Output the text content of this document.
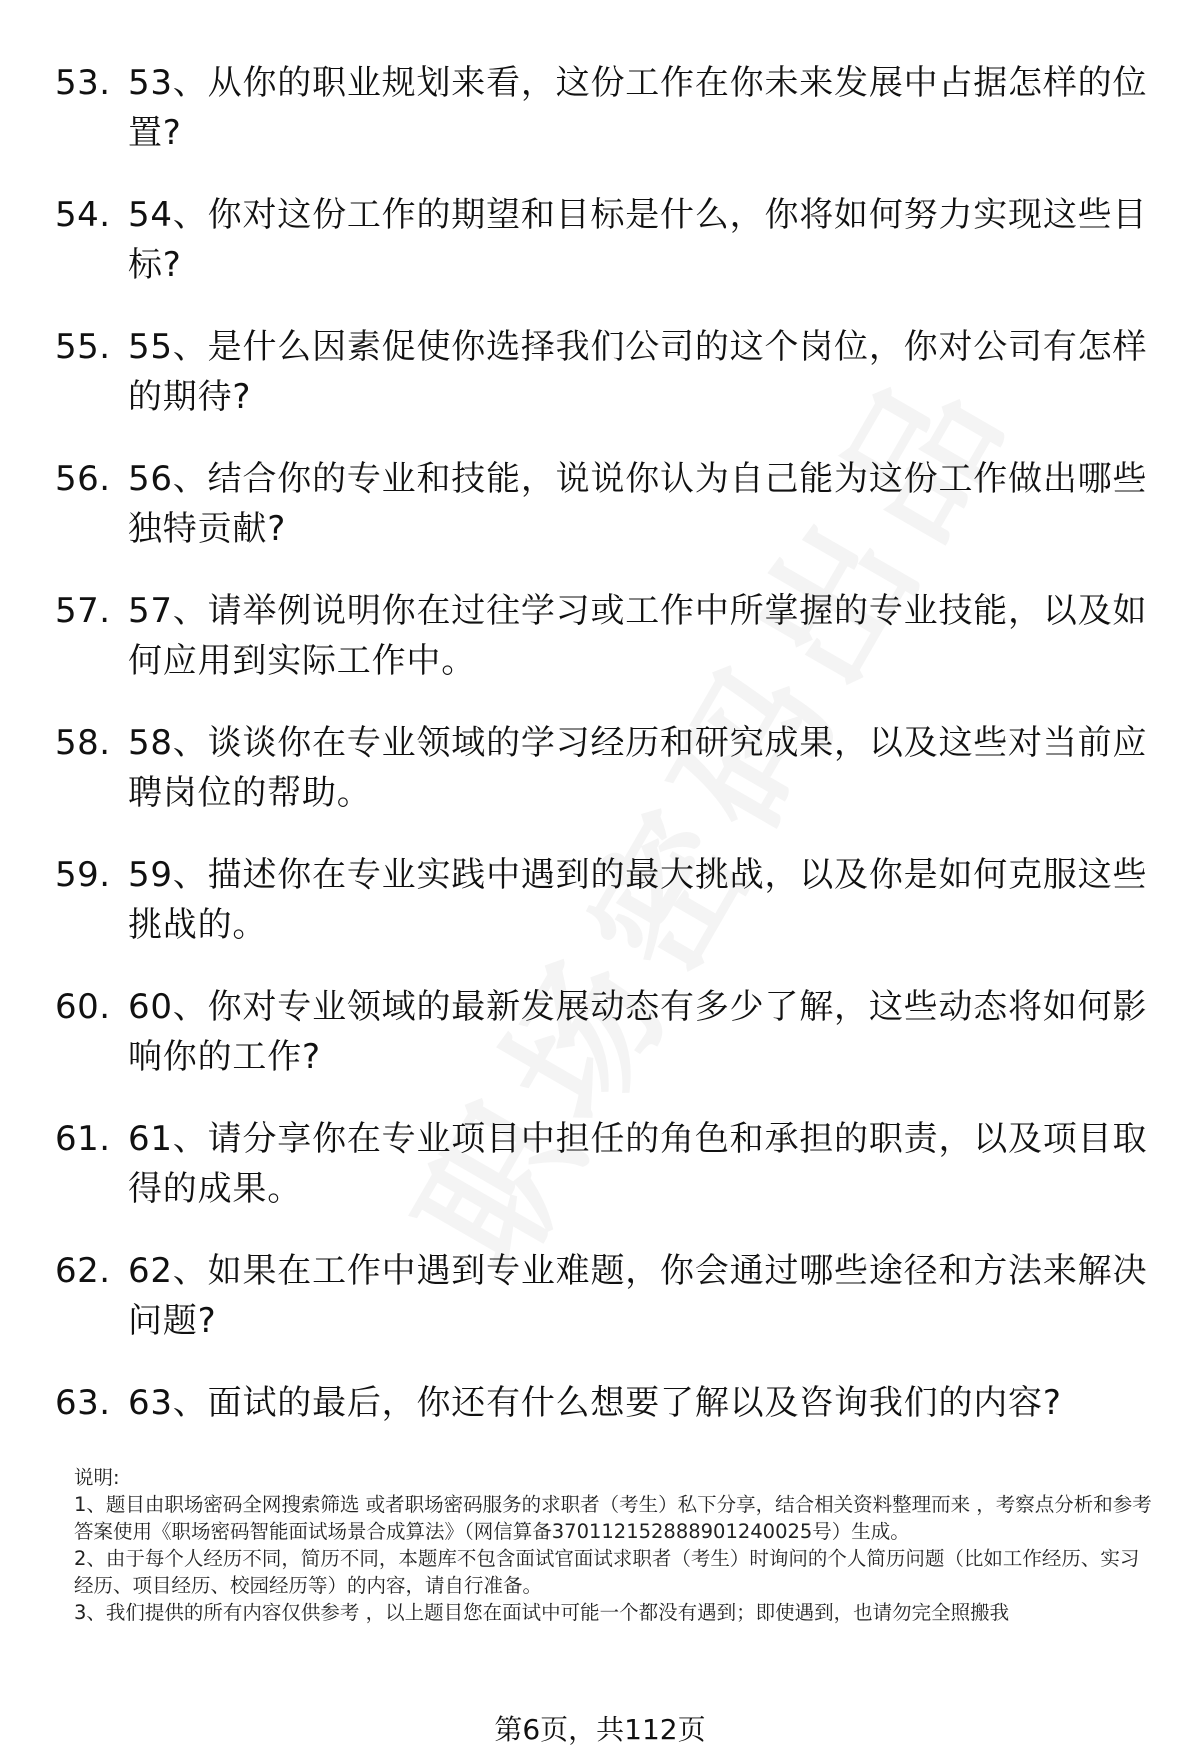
53. 53、从你的职业规划来看，这份工作在你未来发展中占据怎样的位置?
54. 54、你对这份工作的期望和目标是什么，你将如何努力实现这些目标?
55. 55、是什么因素促使你选择我们公司的这个岗位，你对公司有怎样的期待?
56. 56、结合你的专业和技能，说说你认为自己能为这份工作做出哪些独特贡献?
57. 57、请举例说明你在过往学习或工作中所掌握的专业技能，以及如何应用到实际工作中。
58. 58、谈谈你在专业领域的学习经历和研究成果，以及这些对当前应聘岗位的帮助。
59. 59、描述你在专业实践中遇到的最大挑战，以及你是如何克服这些挑战的。
60. 60、你对专业领域的最新发展动态有多少了解，这些动态将如何影响你的工作?
61. 61、请分享你在专业项目中担任的角色和承担的职责，以及项目取得的成果。
62. 62、如果在工作中遇到专业难题，你会通过哪些途径和方法来解决问题?
63. 63、面试的最后，你还有什么想要了解以及咨询我们的内容?

说明:

1、题目由职场密码全网搜索筛选 或者职场密码服务的求职者（考生）私下分享，结合相关资料整理而来 ，考察点分析和参考答案使用《职场密码智能面试场景合成算法》（网信算备370112152888901240025号）生成。

2、由于每个人经历不同，简历不同，本题库不包含面试官面试求职者（考生）时询问的个人简历问题（比如工作经历、实习经历、项目经历、校园经历等）的内容，请自行准备。

3、我们提供的所有内容仅供参考 ，以上题目您在面试中可能一个都没有遇到；即使遇到，也请勿完全照搬我

第6页，共112页
